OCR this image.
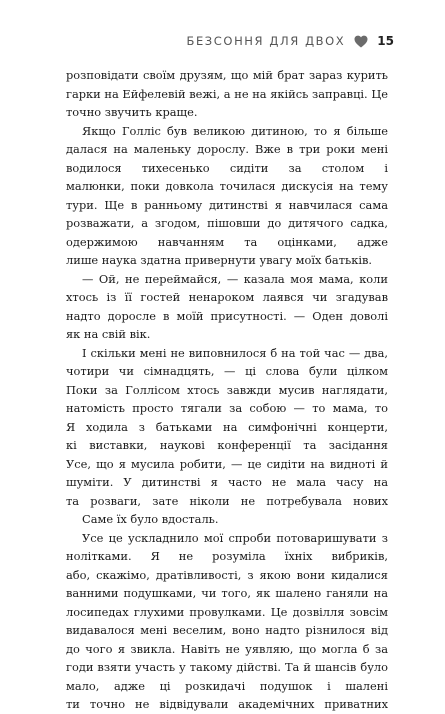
БЕЗСОННЯ ДЛЯ ДВОХ	15
розповідати своїм друзям, що мій брат зараз курить
гарки на Ейфелевій вежі, а не на якійсь заправці. Це
точно звучить краще.
Якщо Голліс був великою дитиною, то я більше
далася на маленьку дорослу. Вже в три роки мені
водилося тихесенько сидіти за столом і
малюнки, поки довкола точилася дискусія на тему
тури. Ще в ранньому дитинстві я навчилася сама
розважати, а згодом, пішовши до дитячого садка,
одержимою навчанням та оцінками, адже
лише наука здатна привернути увагу моїх батьків.
— Ой, не переймайся, — казала моя мама, коли
хтось із її гостей ненароком лаявся чи згадував
надто доросле в моїй присутності. — Оден доволі
як на свій вік.
І скільки мені не виповнилося б на той час — два,
чотири чи сімнадцять, — ці слова були цілком
Поки за Голлісом хтось завжди мусив наглядати,
натомість просто тягали за собою — то мама, то
Я ходила з батьками на симфонічні концерти,
кі виставки, наукові конференції та засідання
Усе, що я мусила робити, — це сидіти на видноті й
шуміти. У дитинстві я часто не мала часу на
та розваги, зате ніколи не потребувала нових
Саме їх було вдосталь.
Усе це ускладнило мої спроби потоваришувати з
нолітками. Я не розуміла їхніх вибриків,
або, скажімо, дратівливості, з якою вони кидалися
ванними подушками, чи того, як шалено ганяли на
лосипедах глухими провулками. Це дозвілля зовсім
видавалося мені веселим, воно надто різнилося від
до чого я звикла. Навіть не уявляю, що могла б за
годи взяти участь у такому дійстві. Та й шансів було
мало, адже ці розкидачі подушок і шалені
ти точно не відвідували академічних приватних
